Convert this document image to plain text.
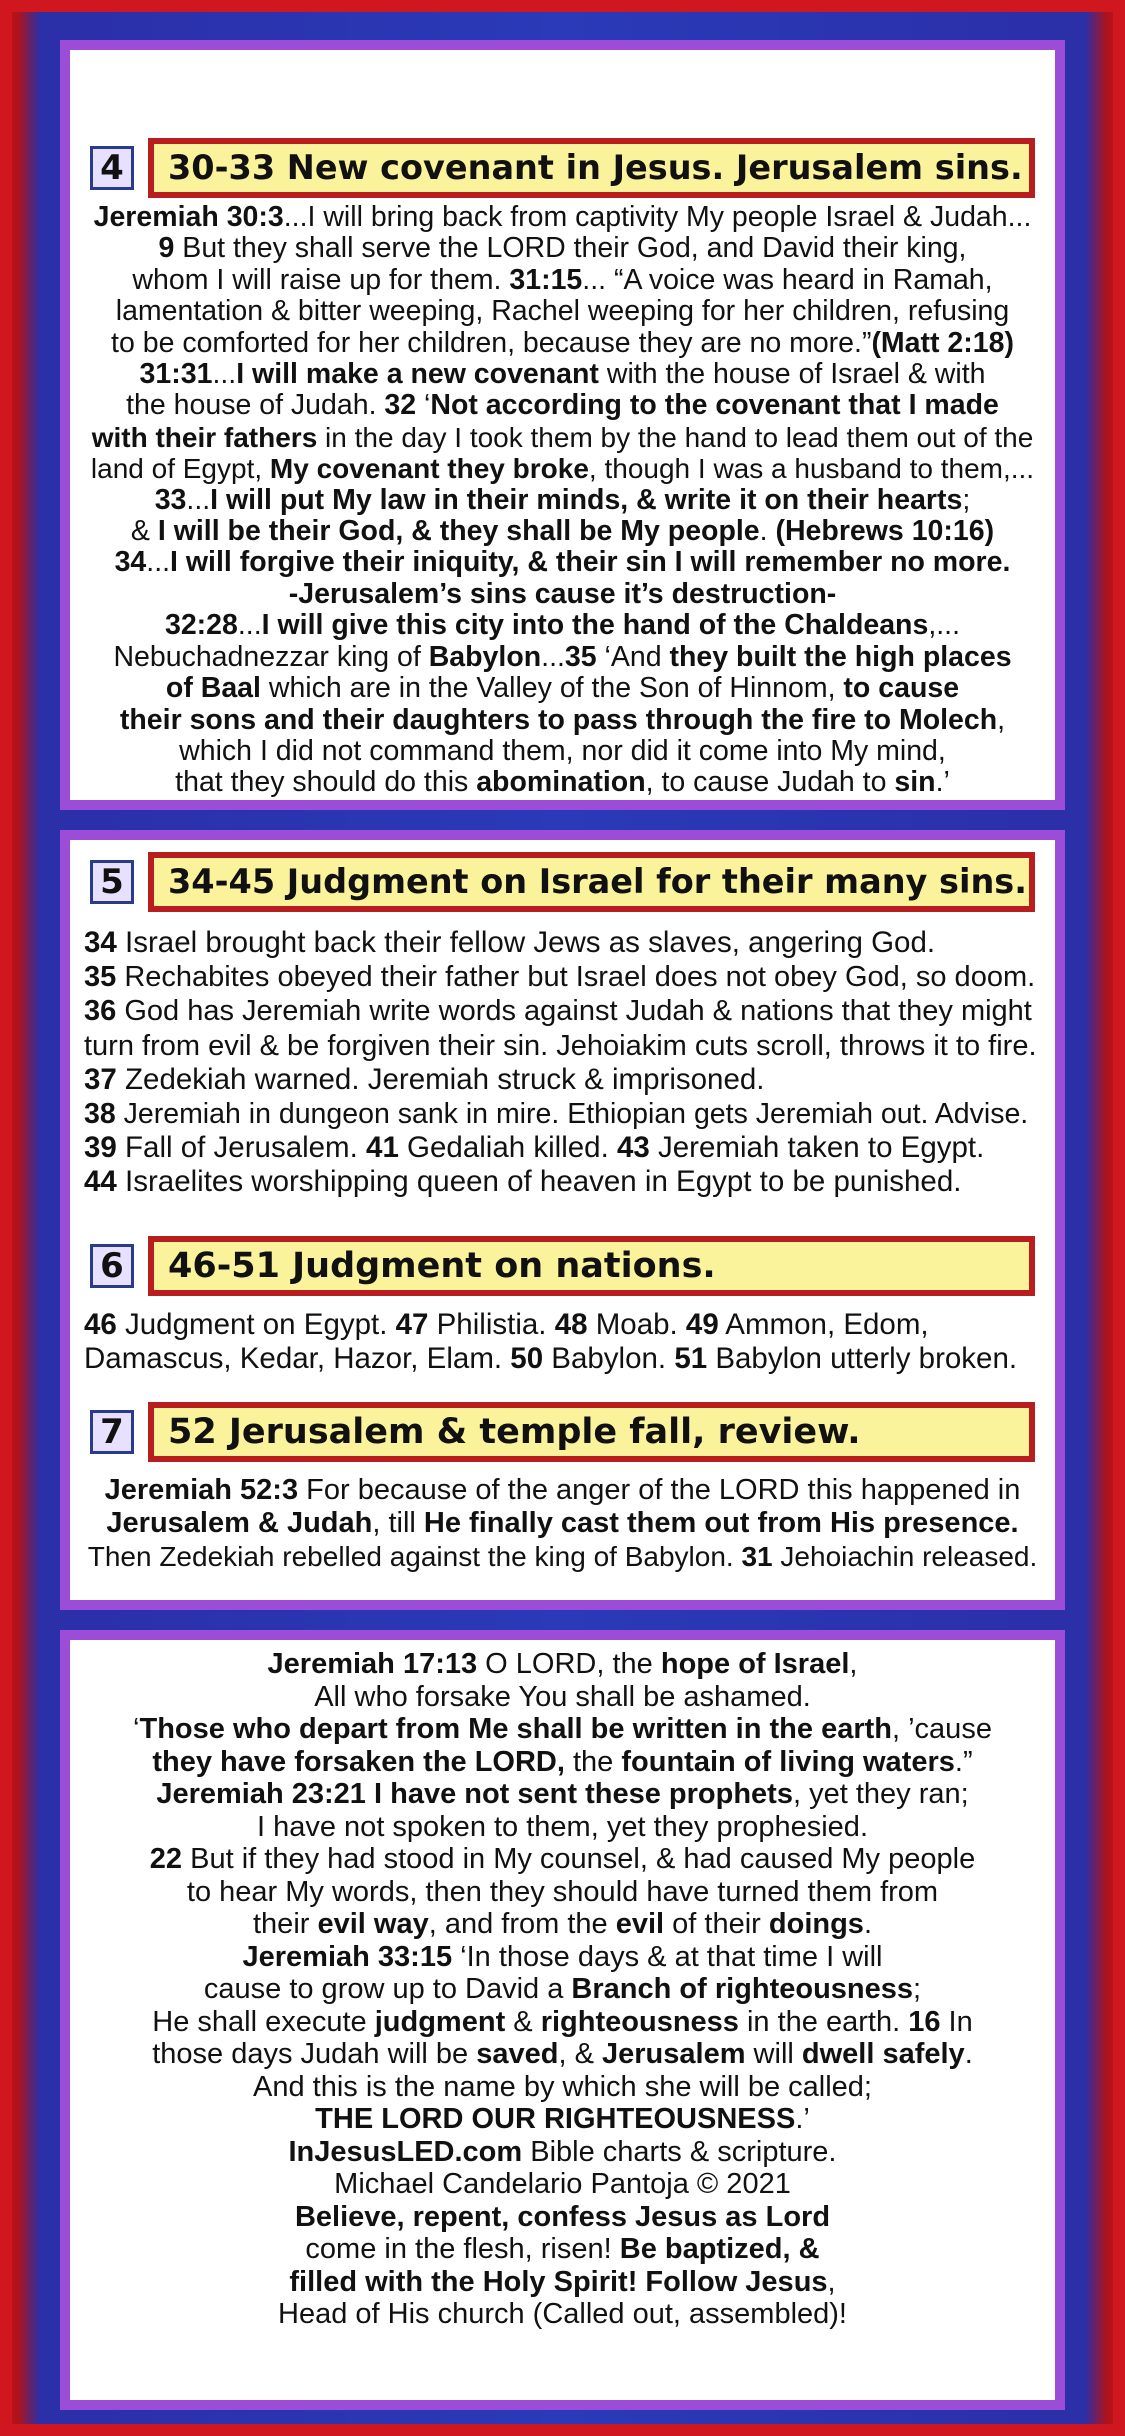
4	30-33 New covenant in Jesus. Jerusalem sins.
Jeremiah 30:3...I will bring back from captivity My people Israel & Judah...
9 But they shall serve the LORD their God, and David their king,
whom I will raise up for them. 31:15... “A voice was heard in Ramah,
lamentation & bitter weeping, Rachel weeping for her children, refusing
to be comforted for her children, because they are no more.”(Matt 2:18)
31:31...I will make a new covenant with the house of Israel & with
the house of Judah. 32 ‘Not according to the covenant that I made
with their fathers in the day I took them by the hand to lead them out of the
land of Egypt, My covenant they broke, though I was a husband to them,...
33...I will put My law in their minds, & write it on their hearts;
& I will be their God, & they shall be My people. (Hebrews 10:16)
34...I will forgive their iniquity, & their sin I will remember no more.
-Jerusalem’s sins cause it’s destruction-
32:28...I will give this city into the hand of the Chaldeans,...
Nebuchadnezzar king of Babylon...35 ‘And they built the high places
of Baal which are in the Valley of the Son of Hinnom, to cause
their sons and their daughters to pass through the fire to Molech,
which I did not command them, nor did it come into My mind,
that they should do this abomination, to cause Judah to sin.’
5	34-45 Judgment on Israel for their many sins.
34 Israel brought back their fellow Jews as slaves, angering God.
35 Rechabites obeyed their father but Israel does not obey God, so doom.
36 God has Jeremiah write words against Judah & nations that they might
turn from evil & be forgiven their sin. Jehoiakim cuts scroll, throws it to fire.
37 Zedekiah warned. Jeremiah struck & imprisoned.
38 Jeremiah in dungeon sank in mire. Ethiopian gets Jeremiah out. Advise.
39 Fall of Jerusalem. 41 Gedaliah killed. 43 Jeremiah taken to Egypt.
44 Israelites worshipping queen of heaven in Egypt to be punished.
6	46-51 Judgment on nations.
46 Judgment on Egypt. 47 Philistia. 48 Moab. 49 Ammon, Edom,
Damascus, Kedar, Hazor, Elam. 50 Babylon. 51 Babylon utterly broken.
7	52 Jerusalem & temple fall, review.
Jeremiah 52:3 For because of the anger of the LORD this happened in
Jerusalem & Judah, till He finally cast them out from His presence.
Then Zedekiah rebelled against the king of Babylon. 31 Jehoiachin released.
Jeremiah 17:13 O LORD, the hope of Israel,
All who forsake You shall be ashamed.
‘Those who depart from Me shall be written in the earth, ’cause
they have forsaken the LORD, the fountain of living waters.”
Jeremiah 23:21 I have not sent these prophets, yet they ran;
I have not spoken to them, yet they prophesied.
22 But if they had stood in My counsel, & had caused My people
to hear My words, then they should have turned them from
their evil way, and from the evil of their doings.
Jeremiah 33:15 ‘In those days & at that time I will
cause to grow up to David a Branch of righteousness;
He shall execute judgment & righteousness in the earth. 16 In
those days Judah will be saved, & Jerusalem will dwell safely.
And this is the name by which she will be called;
THE LORD OUR RIGHTEOUSNESS.’
InJesusLED.com Bible charts & scripture.
Michael Candelario Pantoja © 2021
Believe, repent, confess Jesus as Lord
come in the flesh, risen! Be baptized, &
filled with the Holy Spirit! Follow Jesus,
Head of His church (Called out, assembled)!
